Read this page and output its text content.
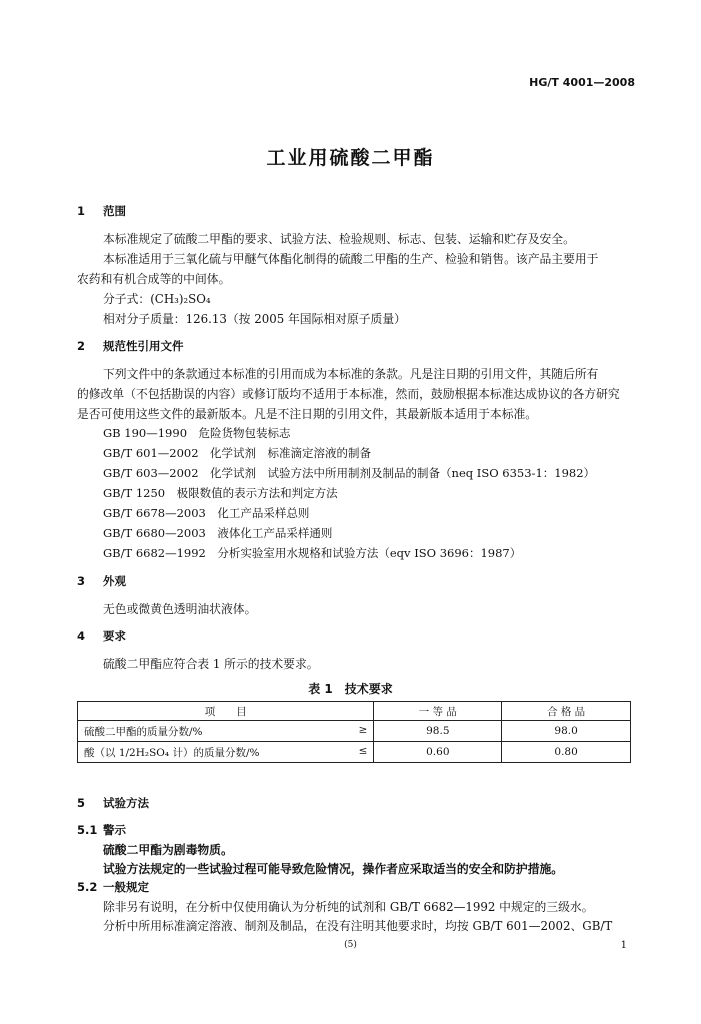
HG/T 4001—2008
工业用硫酸二甲酯
1 范围
本标准规定了硫酸二甲酯的要求、试验方法、检验规则、标志、包装、运输和贮存及安全。
本标准适用于三氧化硫与甲醚气体酯化制得的硫酸二甲酯的生产、检验和销售。该产品主要用于
农药和有机合成等的中间体。
分子式：(CH₃)₂SO₄
相对分子质量：126.13（按 2005 年国际相对原子质量）
2 规范性引用文件
下列文件中的条款通过本标准的引用而成为本标准的条款。凡是注日期的引用文件，其随后所有
的修改单（不包括勘误的内容）或修订版均不适用于本标准，然而，鼓励根据本标准达成协议的各方研究
是否可使用这些文件的最新版本。凡是不注日期的引用文件，其最新版本适用于本标准。
GB 190—1990　危险货物包装标志
GB/T 601—2002　化学试剂　标准滴定溶液的制备
GB/T 603—2002　化学试剂　试验方法中所用制剂及制品的制备（neq ISO 6353-1：1982）
GB/T 1250　极限数值的表示方法和判定方法
GB/T 6678—2003　化工产品采样总则
GB/T 6680—2003　液体化工产品采样通则
GB/T 6682—1992　分析实验室用水规格和试验方法（eqv ISO 3696：1987）
3 外观
无色或微黄色透明油状液体。
4 要求
硫酸二甲酯应符合表 1 所示的技术要求。
表 1　技术要求
项　　目	一 等 品	合 格 品
硫酸二甲酯的质量分数/% ≥	98.5	98.0
酸（以 1/2H₂SO₄ 计）的质量分数/% ≤	0.60	0.80
5 试验方法
5.1 警示
硫酸二甲酯为剧毒物质。
试验方法规定的一些试验过程可能导致危险情况，操作者应采取适当的安全和防护措施。
5.2 一般规定
除非另有说明，在分析中仅使用确认为分析纯的试剂和 GB/T 6682—1992 中规定的三级水。
分析中所用标准滴定溶液、制剂及制品，在没有注明其他要求时，均按 GB/T 601—2002、GB/T
(5)	1
